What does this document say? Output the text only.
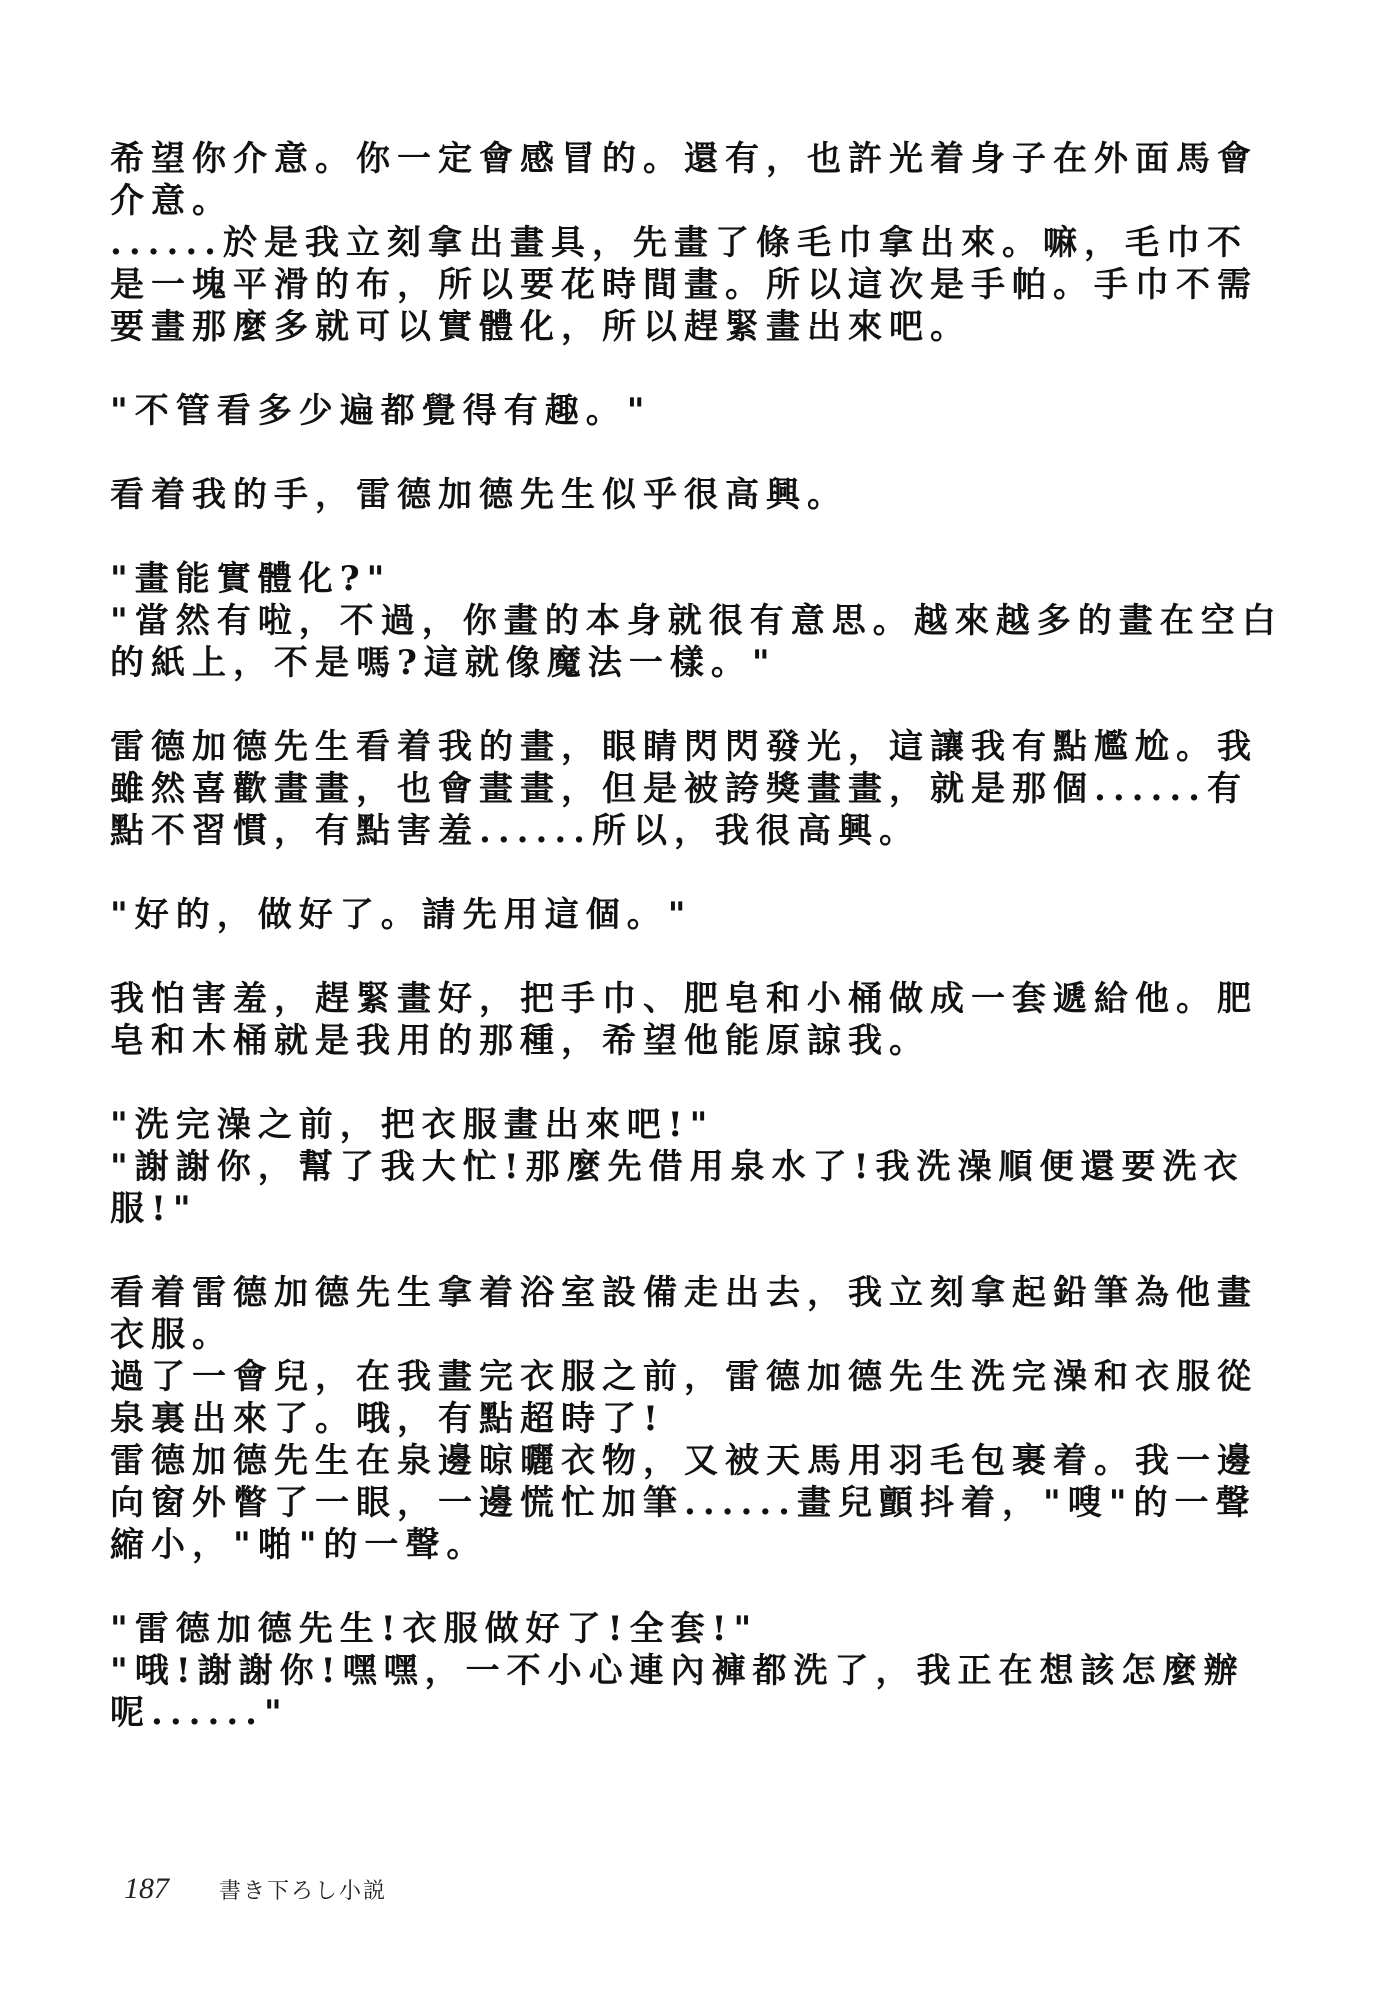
希望你介意。你一定會感冒的。還有，也許光着身子在外面馬會
介意。
......於是我立刻拿出畫具，先畫了條毛巾拿出來。嘛，毛巾不
是一塊平滑的布，所以要花時間畫。所以這次是手帕。手巾不需
要畫那麼多就可以實體化，所以趕緊畫出來吧。
"不管看多少遍都覺得有趣。"
看着我的手，雷德加德先生似乎很高興。
"畫能實體化?"
"當然有啦，不過，你畫的本身就很有意思。越來越多的畫在空白
的紙上，不是嗎?這就像魔法一樣。"
雷德加德先生看着我的畫，眼睛閃閃發光，這讓我有點尷尬。我
雖然喜歡畫畫，也會畫畫，但是被誇獎畫畫，就是那個......有
點不習慣，有點害羞......所以，我很高興。
"好的，做好了。請先用這個。"
我怕害羞，趕緊畫好，把手巾、肥皂和小桶做成一套遞給他。肥
皂和木桶就是我用的那種，希望他能原諒我。
"洗完澡之前，把衣服畫出來吧!"
"謝謝你，幫了我大忙!那麼先借用泉水了!我洗澡順便還要洗衣
服!"
看着雷德加德先生拿着浴室設備走出去，我立刻拿起鉛筆為他畫
衣服。
過了一會兒，在我畫完衣服之前，雷德加德先生洗完澡和衣服從
泉裏出來了。哦，有點超時了!
雷德加德先生在泉邊晾曬衣物，又被天馬用羽毛包裹着。我一邊
向窗外瞥了一眼，一邊慌忙加筆......畫兒顫抖着，"嗖"的一聲
縮小，"啪"的一聲。
"雷德加德先生!衣服做好了!全套!"
"哦!謝謝你!嘿嘿，一不小心連內褲都洗了，我正在想該怎麼辦
呢......"
187	書き下ろし小説
